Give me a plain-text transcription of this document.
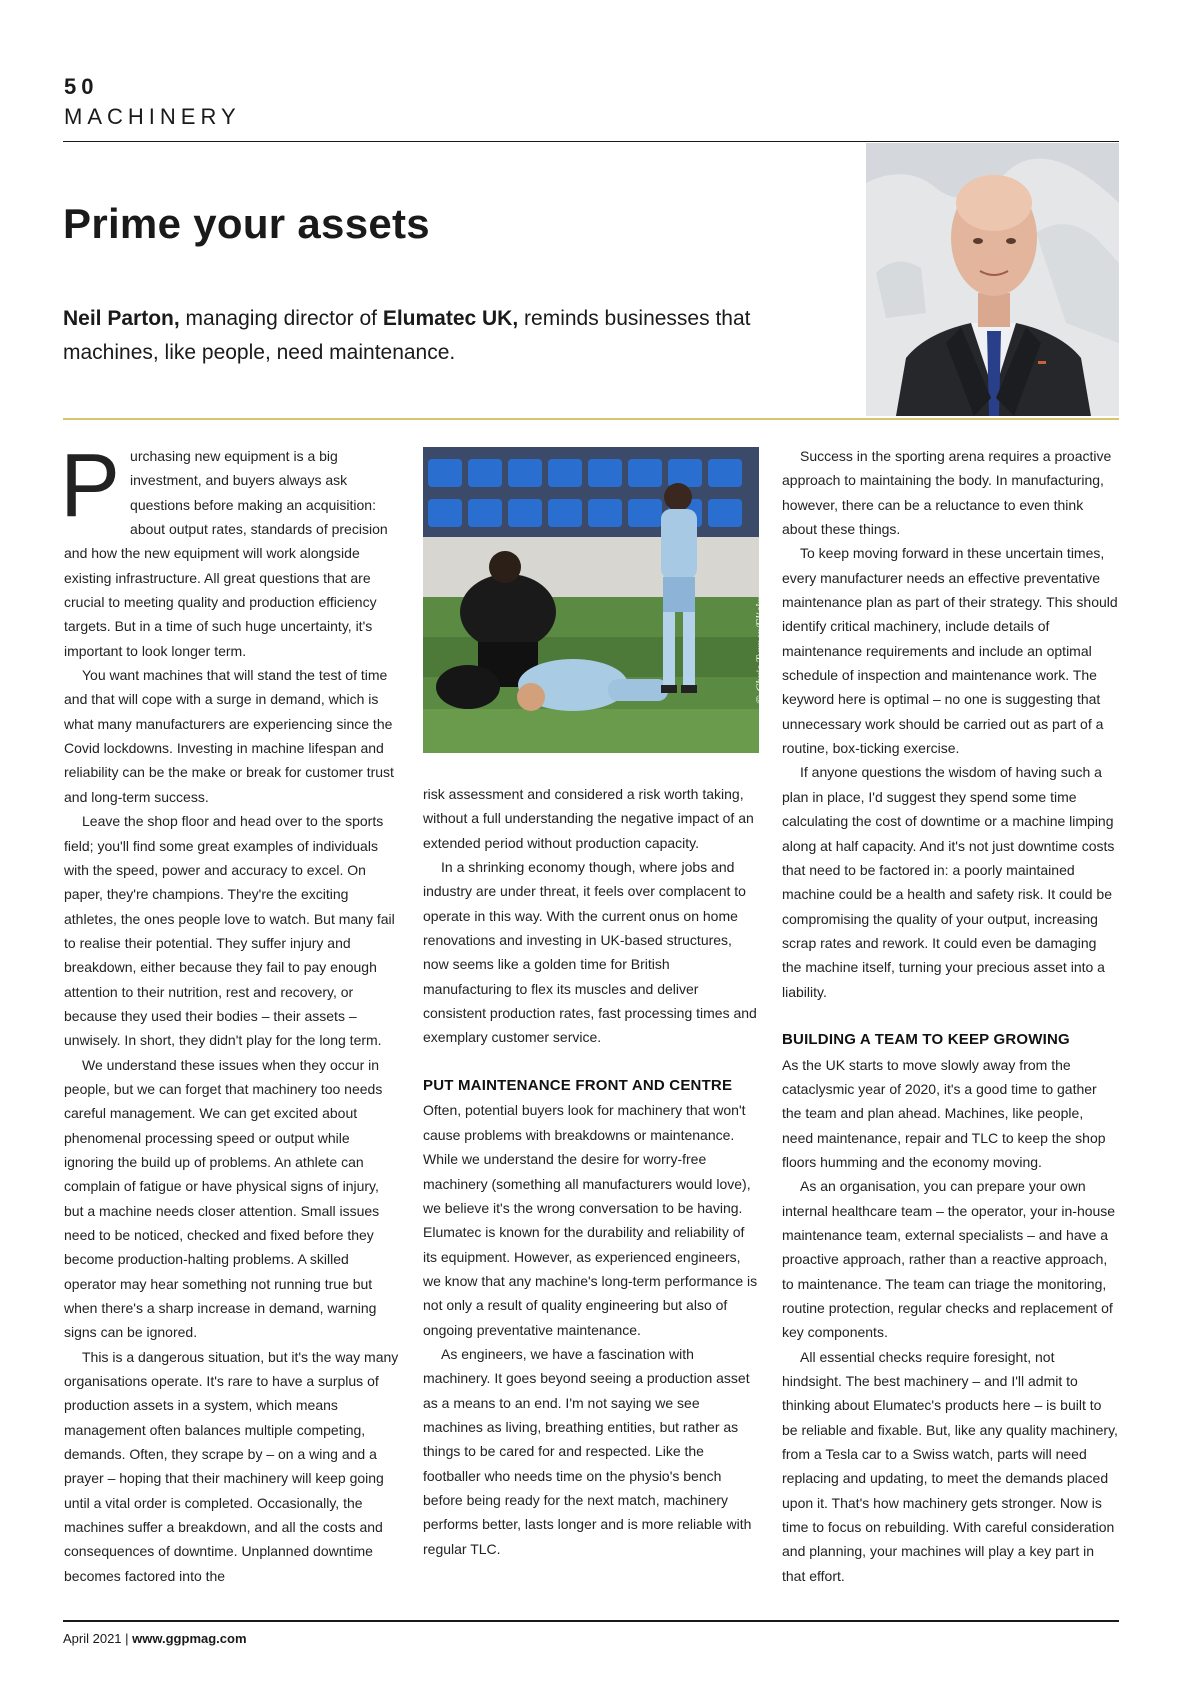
50
MACHINERY
Prime your assets

Neil Parton, managing director of Elumatec UK, reminds businesses that machines, like people, need maintenance.

Purchasing new equipment is a big investment, and buyers always ask questions before making an acquisition: about output rates, standards of precision and how the new equipment will work alongside existing infrastructure. All great questions that are crucial to meeting quality and production efficiency targets. But in a time of such huge uncertainty, it's important to look longer term.

You want machines that will stand the test of time and that will cope with a surge in demand, which is what many manufacturers are experiencing since the Covid lockdowns. Investing in machine lifespan and reliability can be the make or break for customer trust and long-term success.

Leave the shop floor and head over to the sports field; you'll find some great examples of individuals with the speed, power and accuracy to excel. On paper, they're champions. They're the exciting athletes, the ones people love to watch. But many fail to realise their potential. They suffer injury and breakdown, either because they fail to pay enough attention to their nutrition, rest and recovery, or because they used their bodies – their assets – unwisely. In short, they didn't play for the long term.

We understand these issues when they occur in people, but we can forget that machinery too needs careful management. We can get excited about phenomenal processing speed or output while ignoring the build up of problems. An athlete can complain of fatigue or have physical signs of injury, but a machine needs closer attention. Small issues need to be noticed, checked and fixed before they become production-halting problems. A skilled operator may hear something not running true but when there's a sharp increase in demand, warning signs can be ignored.

This is a dangerous situation, but it's the way many organisations operate. It's rare to have a surplus of production assets in a system, which means management often balances multiple competing, demands. Often, they scrape by – on a wing and a prayer – hoping that their machinery will keep going until a vital order is completed. Occasionally, the machines suffer a breakdown, and all the costs and consequences of downtime. Unplanned downtime becomes factored into the

© Chris Turner/Flickr

risk assessment and considered a risk worth taking, without a full understanding the negative impact of an extended period without production capacity.

In a shrinking economy though, where jobs and industry are under threat, it feels over complacent to operate in this way. With the current onus on home renovations and investing in UK-based structures, now seems like a golden time for British manufacturing to flex its muscles and deliver consistent production rates, fast processing times and exemplary customer service.

PUT MAINTENANCE FRONT AND CENTRE

Often, potential buyers look for machinery that won't cause problems with breakdowns or maintenance. While we understand the desire for worry-free machinery (something all manufacturers would love), we believe it's the wrong conversation to be having. Elumatec is known for the durability and reliability of its equipment. However, as experienced engineers, we know that any machine's long-term performance is not only a result of quality engineering but also of ongoing preventative maintenance.

As engineers, we have a fascination with machinery. It goes beyond seeing a production asset as a means to an end. I'm not saying we see machines as living, breathing entities, but rather as things to be cared for and respected. Like the footballer who needs time on the physio's bench before being ready for the next match, machinery performs better, lasts longer and is more reliable with regular TLC.

Success in the sporting arena requires a proactive approach to maintaining the body. In manufacturing, however, there can be a reluctance to even think about these things.

To keep moving forward in these uncertain times, every manufacturer needs an effective preventative maintenance plan as part of their strategy. This should identify critical machinery, include details of maintenance requirements and include an optimal schedule of inspection and maintenance work. The keyword here is optimal – no one is suggesting that unnecessary work should be carried out as part of a routine, box-ticking exercise.

If anyone questions the wisdom of having such a plan in place, I'd suggest they spend some time calculating the cost of downtime or a machine limping along at half capacity. And it's not just downtime costs that need to be factored in: a poorly maintained machine could be a health and safety risk. It could be compromising the quality of your output, increasing scrap rates and rework. It could even be damaging the machine itself, turning your precious asset into a liability.

BUILDING A TEAM TO KEEP GROWING

As the UK starts to move slowly away from the cataclysmic year of 2020, it's a good time to gather the team and plan ahead. Machines, like people, need maintenance, repair and TLC to keep the shop floors humming and the economy moving.

As an organisation, you can prepare your own internal healthcare team – the operator, your in-house maintenance team, external specialists – and have a proactive approach, rather than a reactive approach, to maintenance. The team can triage the monitoring, routine protection, regular checks and replacement of key components.

All essential checks require foresight, not hindsight. The best machinery – and I'll admit to thinking about Elumatec's products here – is built to be reliable and fixable. But, like any quality machinery, from a Tesla car to a Swiss watch, parts will need replacing and updating, to meet the demands placed upon it. That's how machinery gets stronger. Now is time to focus on rebuilding. With careful consideration and planning, your machines will play a key part in that effort.

April 2021 | www.ggpmag.com
